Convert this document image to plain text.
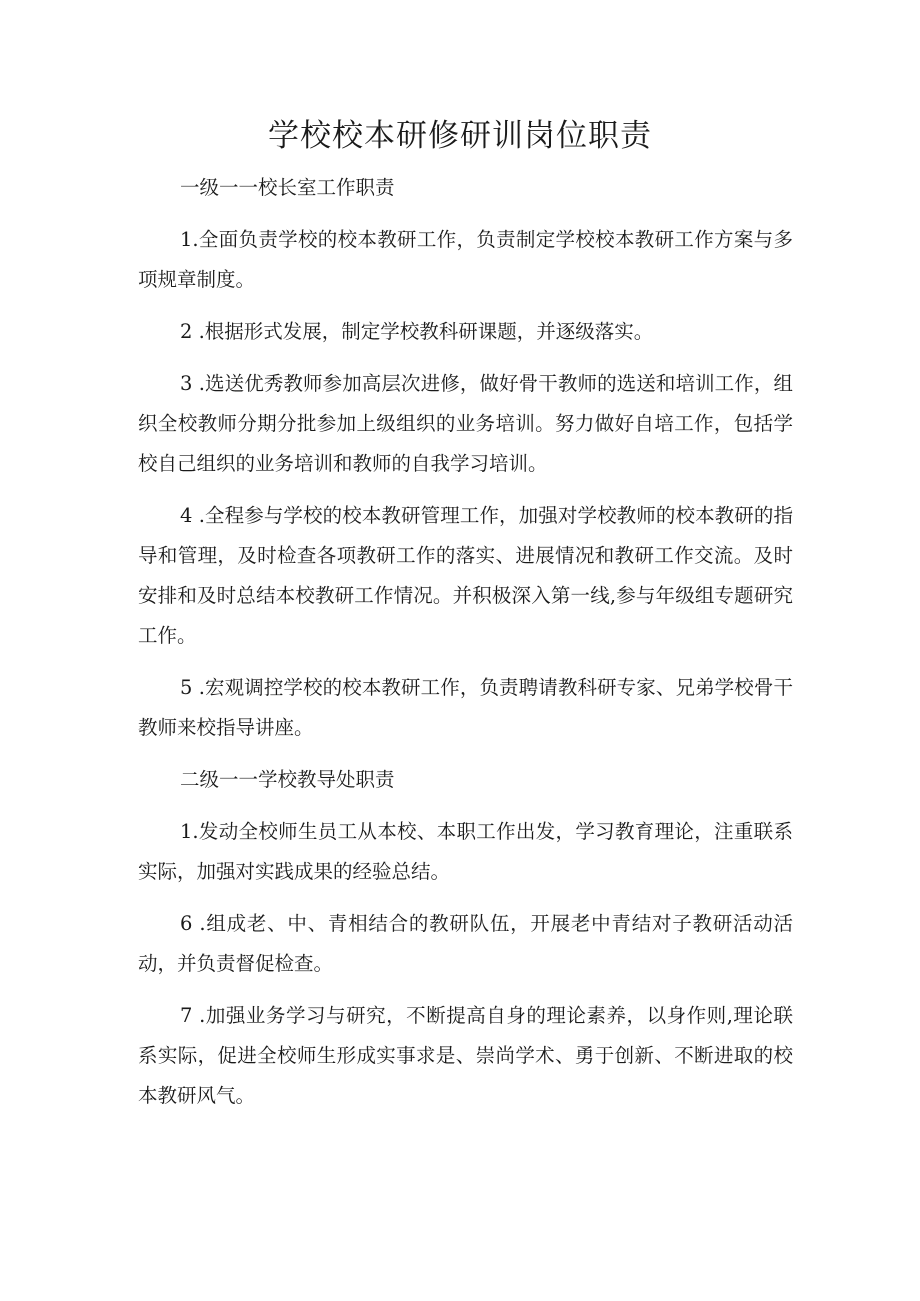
学校校本研修研训岗位职责

一级一一校长室工作职责

1.全面负责学校的校本教研工作，负责制定学校校本教研工作方案与多项规章制度。

2 .根据形式发展，制定学校教科研课题，并逐级落实。

3 .选送优秀教师参加高层次进修，做好骨干教师的选送和培训工作，组织全校教师分期分批参加上级组织的业务培训。努力做好自培工作，包括学校自己组织的业务培训和教师的自我学习培训。

4 .全程参与学校的校本教研管理工作，加强对学校教师的校本教研的指导和管理，及时检查各项教研工作的落实、进展情况和教研工作交流。及时安排和及时总结本校教研工作情况。并积极深入第一线,参与年级组专题研究工作。

5 .宏观调控学校的校本教研工作，负责聘请教科研专家、兄弟学校骨干教师来校指导讲座。

二级一一学校教导处职责

1.发动全校师生员工从本校、本职工作出发，学习教育理论，注重联系实际，加强对实践成果的经验总结。

6 .组成老、中、青相结合的教研队伍，开展老中青结对子教研活动活动，并负责督促检查。

7 .加强业务学习与研究，不断提高自身的理论素养，以身作则,理论联系实际，促进全校师生形成实事求是、崇尚学术、勇于创新、不断进取的校本教研风气。
